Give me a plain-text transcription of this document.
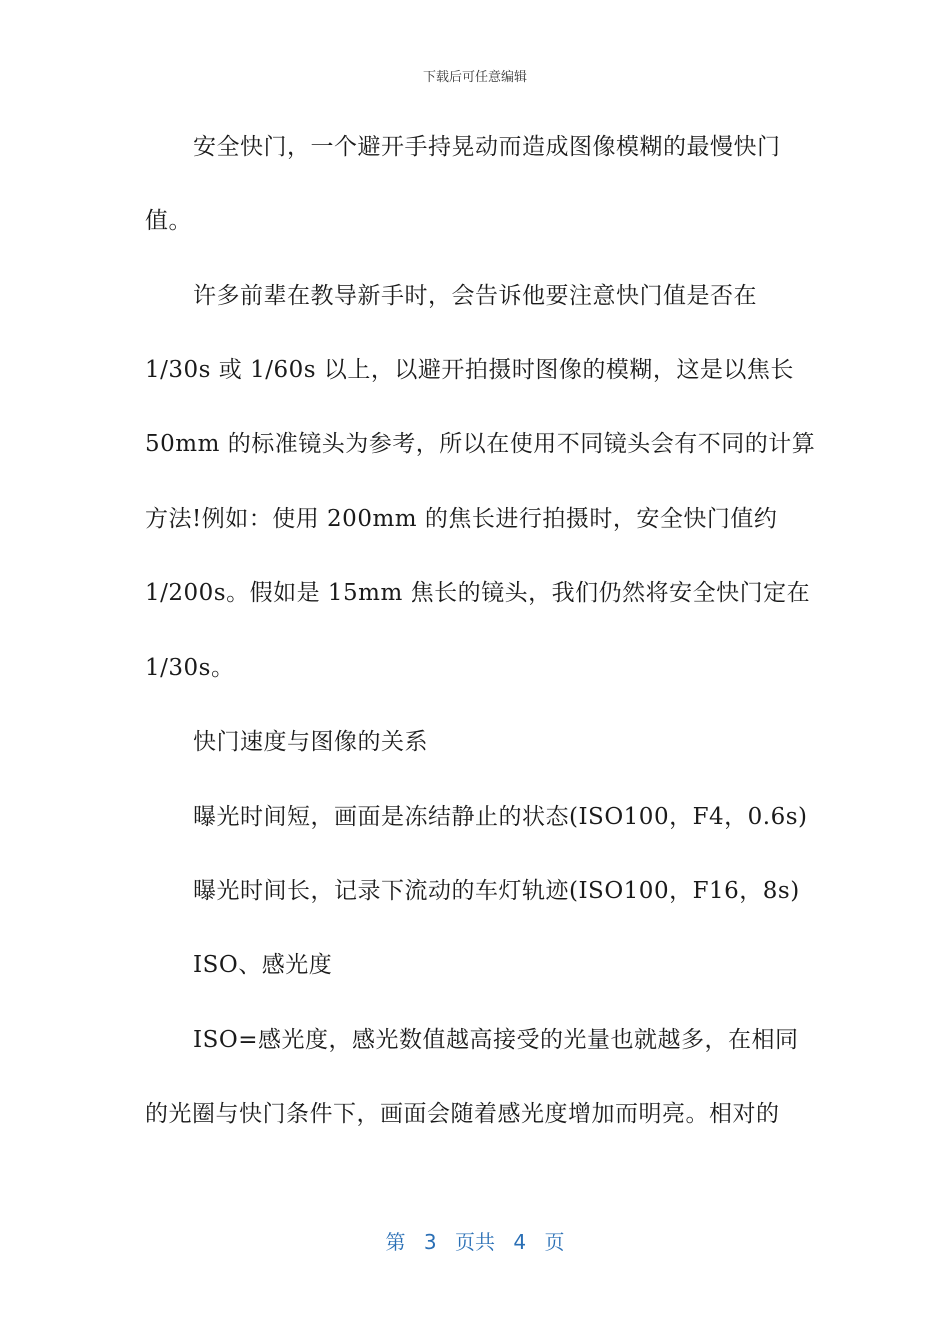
下载后可任意编辑
安全快门，一个避开手持晃动而造成图像模糊的最慢快门
值。
许多前辈在教导新手时，会告诉他要注意快门值是否在
1/30s 或 1/60s 以上，以避开拍摄时图像的模糊，这是以焦长
50mm 的标准镜头为参考，所以在使用不同镜头会有不同的计算
方法!例如：使用 200mm 的焦长进行拍摄时，安全快门值约
1/200s。假如是 15mm 焦长的镜头，我们仍然将安全快门定在
1/30s。
快门速度与图像的关系
曝光时间短，画面是冻结静止的状态(ISO100，F4，0.6s)
曝光时间长，记录下流动的车灯轨迹(ISO100，F16，8s)
ISO、感光度
ISO=感光度，感光数值越高接受的光量也就越多，在相同
的光圈与快门条件下，画面会随着感光度增加而明亮。相对的
第 3 页共 4 页
